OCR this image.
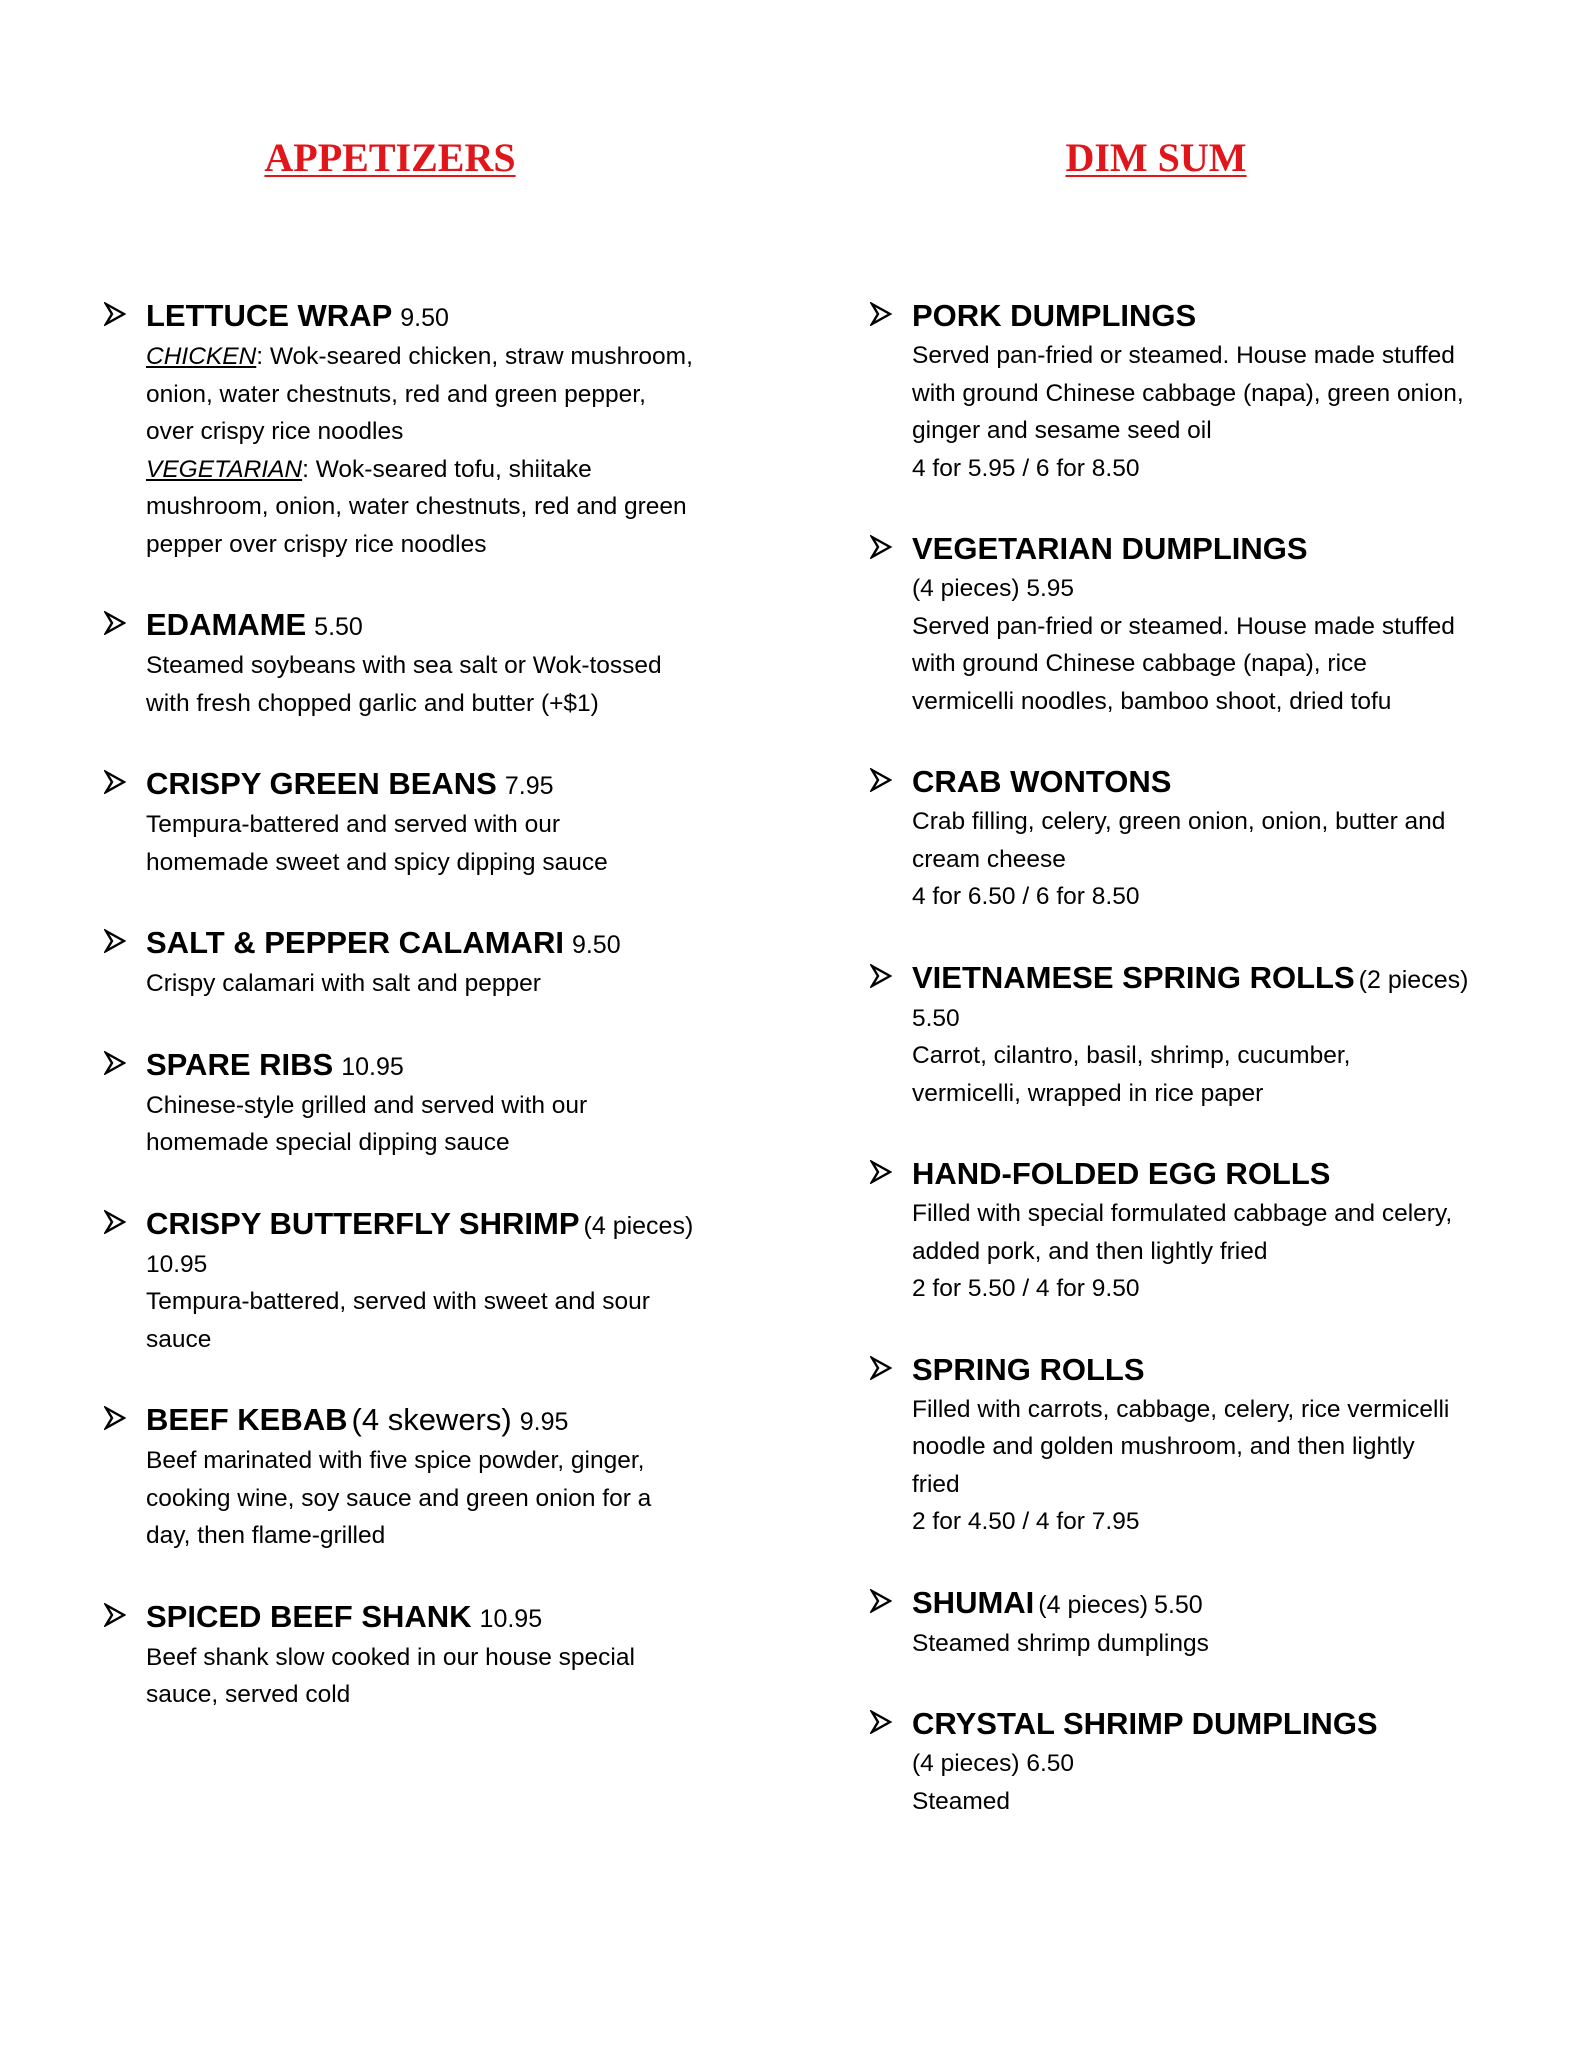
APPETIZERS
LETTUCE WRAP 9.50
CHICKEN: Wok-seared chicken, straw mushroom,
onion, water chestnuts, red and green pepper,
over crispy rice noodles
VEGETARIAN: Wok-seared tofu, shiitake
mushroom, onion, water chestnuts, red and green
pepper over crispy rice noodles
EDAMAME 5.50
Steamed soybeans with sea salt or Wok-tossed
with fresh chopped garlic and butter (+$1)
CRISPY GREEN BEANS 7.95
Tempura-battered and served with our
homemade sweet and spicy dipping sauce
SALT & PEPPER CALAMARI 9.50
Crispy calamari with salt and pepper
SPARE RIBS 10.95
Chinese-style grilled and served with our
homemade special dipping sauce
CRISPY BUTTERFLY SHRIMP (4 pieces)
10.95
Tempura-battered, served with sweet and sour
sauce
BEEF KEBAB (4 skewers) 9.95
Beef marinated with five spice powder, ginger,
cooking wine, soy sauce and green onion for a
day, then flame-grilled
SPICED BEEF SHANK 10.95
Beef shank slow cooked in our house special
sauce, served cold
DIM SUM
PORK DUMPLINGS
Served pan-fried or steamed. House made stuffed
with ground Chinese cabbage (napa), green onion,
ginger and sesame seed oil
4 for 5.95 / 6 for 8.50
VEGETARIAN DUMPLINGS
(4 pieces) 5.95
Served pan-fried or steamed. House made stuffed
with ground Chinese cabbage (napa), rice
vermicelli noodles, bamboo shoot, dried tofu
CRAB WONTONS
Crab filling, celery, green onion, onion, butter and
cream cheese
4 for 6.50 / 6 for 8.50
VIETNAMESE SPRING ROLLS (2 pieces)
5.50
Carrot, cilantro, basil, shrimp, cucumber,
vermicelli, wrapped in rice paper
HAND-FOLDED EGG ROLLS
Filled with special formulated cabbage and celery,
added pork, and then lightly fried
2 for 5.50 / 4 for 9.50
SPRING ROLLS
Filled with carrots, cabbage, celery, rice vermicelli
noodle and golden mushroom, and then lightly
fried
2 for 4.50 / 4 for 7.95
SHUMAI (4 pieces) 5.50
Steamed shrimp dumplings
CRYSTAL SHRIMP DUMPLINGS
(4 pieces) 6.50
Steamed
